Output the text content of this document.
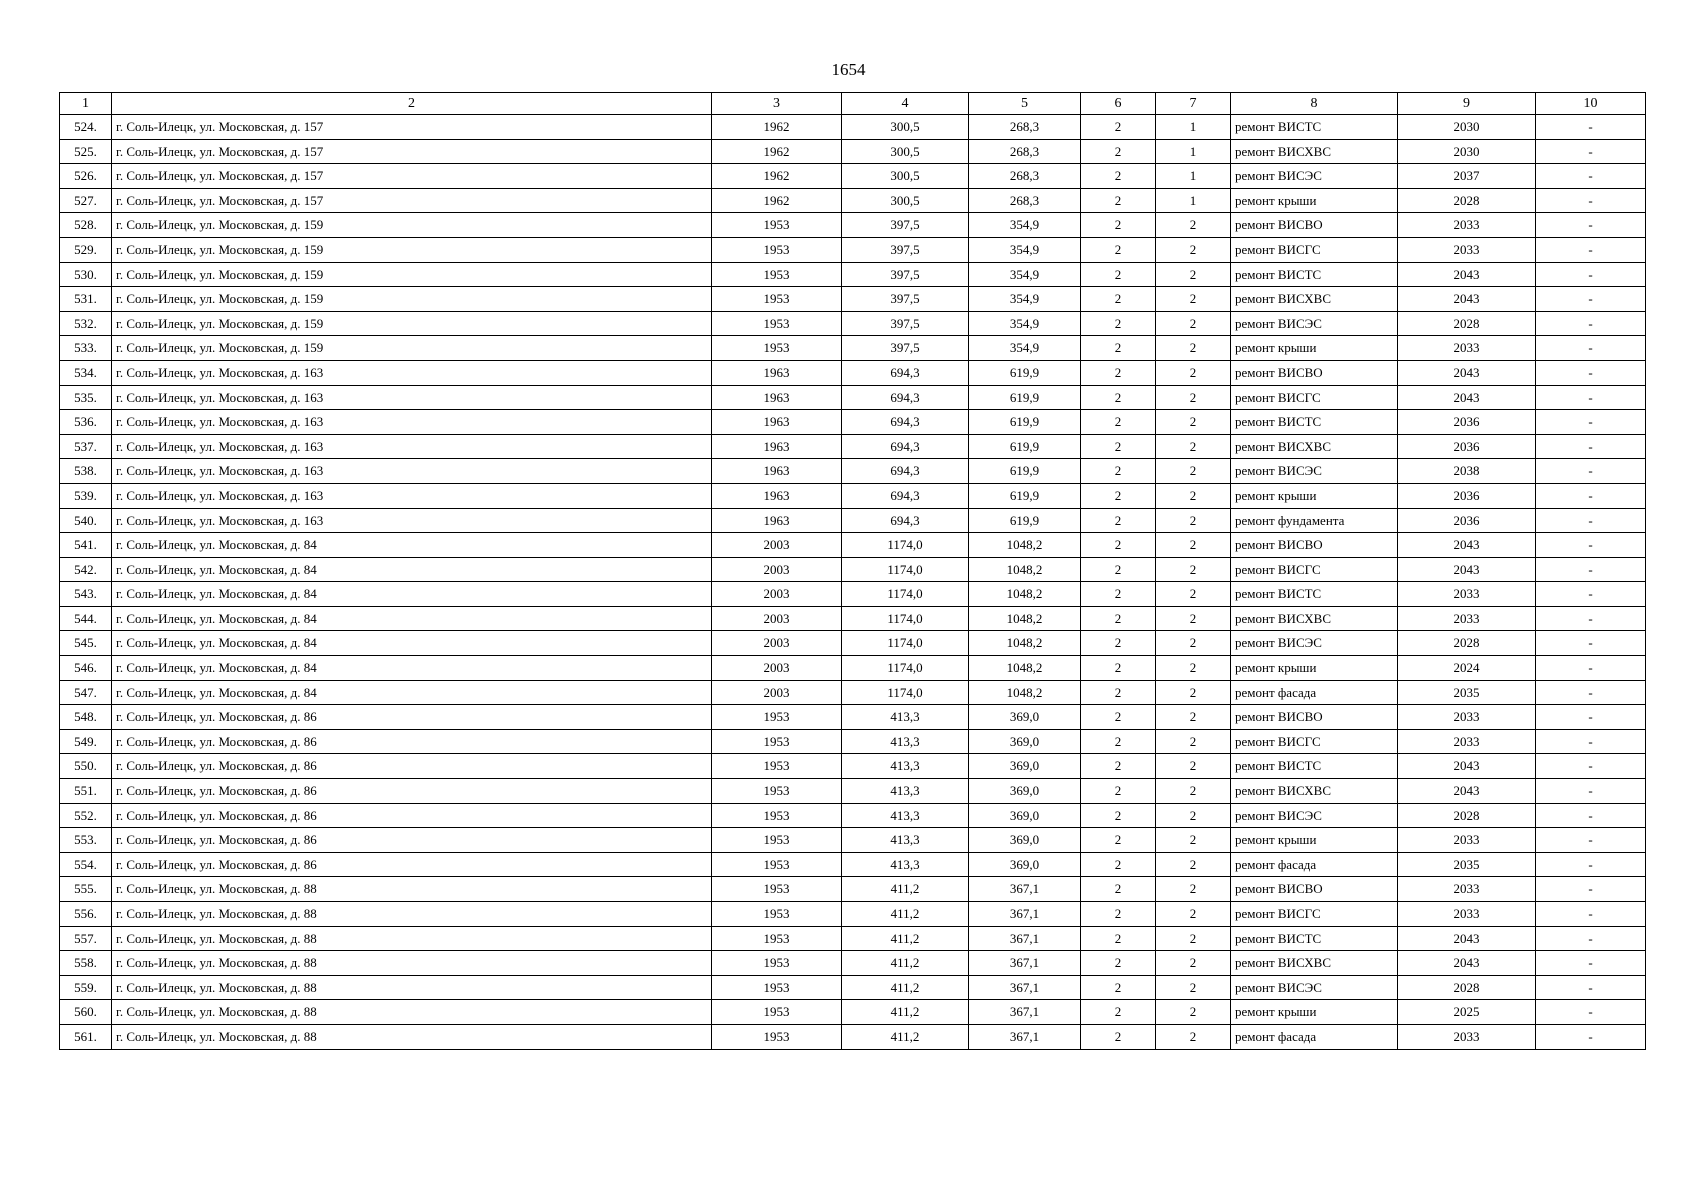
1654
1	2	3	4	5	6	7	8	9	10
524.	г. Соль-Илецк, ул. Московская, д. 157	1962	300,5	268,3	2	1	ремонт ВИСТС	2030	-
525.	г. Соль-Илецк, ул. Московская, д. 157	1962	300,5	268,3	2	1	ремонт ВИСХВС	2030	-
526.	г. Соль-Илецк, ул. Московская, д. 157	1962	300,5	268,3	2	1	ремонт ВИСЭС	2037	-
527.	г. Соль-Илецк, ул. Московская, д. 157	1962	300,5	268,3	2	1	ремонт крыши	2028	-
528.	г. Соль-Илецк, ул. Московская, д. 159	1953	397,5	354,9	2	2	ремонт ВИСВО	2033	-
529.	г. Соль-Илецк, ул. Московская, д. 159	1953	397,5	354,9	2	2	ремонт ВИСГС	2033	-
530.	г. Соль-Илецк, ул. Московская, д. 159	1953	397,5	354,9	2	2	ремонт ВИСТС	2043	-
531.	г. Соль-Илецк, ул. Московская, д. 159	1953	397,5	354,9	2	2	ремонт ВИСХВС	2043	-
532.	г. Соль-Илецк, ул. Московская, д. 159	1953	397,5	354,9	2	2	ремонт ВИСЭС	2028	-
533.	г. Соль-Илецк, ул. Московская, д. 159	1953	397,5	354,9	2	2	ремонт крыши	2033	-
534.	г. Соль-Илецк, ул. Московская, д. 163	1963	694,3	619,9	2	2	ремонт ВИСВО	2043	-
535.	г. Соль-Илецк, ул. Московская, д. 163	1963	694,3	619,9	2	2	ремонт ВИСГС	2043	-
536.	г. Соль-Илецк, ул. Московская, д. 163	1963	694,3	619,9	2	2	ремонт ВИСТС	2036	-
537.	г. Соль-Илецк, ул. Московская, д. 163	1963	694,3	619,9	2	2	ремонт ВИСХВС	2036	-
538.	г. Соль-Илецк, ул. Московская, д. 163	1963	694,3	619,9	2	2	ремонт ВИСЭС	2038	-
539.	г. Соль-Илецк, ул. Московская, д. 163	1963	694,3	619,9	2	2	ремонт крыши	2036	-
540.	г. Соль-Илецк, ул. Московская, д. 163	1963	694,3	619,9	2	2	ремонт фундамента	2036	-
541.	г. Соль-Илецк, ул. Московская, д. 84	2003	1174,0	1048,2	2	2	ремонт ВИСВО	2043	-
542.	г. Соль-Илецк, ул. Московская, д. 84	2003	1174,0	1048,2	2	2	ремонт ВИСГС	2043	-
543.	г. Соль-Илецк, ул. Московская, д. 84	2003	1174,0	1048,2	2	2	ремонт ВИСТС	2033	-
544.	г. Соль-Илецк, ул. Московская, д. 84	2003	1174,0	1048,2	2	2	ремонт ВИСХВС	2033	-
545.	г. Соль-Илецк, ул. Московская, д. 84	2003	1174,0	1048,2	2	2	ремонт ВИСЭС	2028	-
546.	г. Соль-Илецк, ул. Московская, д. 84	2003	1174,0	1048,2	2	2	ремонт крыши	2024	-
547.	г. Соль-Илецк, ул. Московская, д. 84	2003	1174,0	1048,2	2	2	ремонт фасада	2035	-
548.	г. Соль-Илецк, ул. Московская, д. 86	1953	413,3	369,0	2	2	ремонт ВИСВО	2033	-
549.	г. Соль-Илецк, ул. Московская, д. 86	1953	413,3	369,0	2	2	ремонт ВИСГС	2033	-
550.	г. Соль-Илецк, ул. Московская, д. 86	1953	413,3	369,0	2	2	ремонт ВИСТС	2043	-
551.	г. Соль-Илецк, ул. Московская, д. 86	1953	413,3	369,0	2	2	ремонт ВИСХВС	2043	-
552.	г. Соль-Илецк, ул. Московская, д. 86	1953	413,3	369,0	2	2	ремонт ВИСЭС	2028	-
553.	г. Соль-Илецк, ул. Московская, д. 86	1953	413,3	369,0	2	2	ремонт крыши	2033	-
554.	г. Соль-Илецк, ул. Московская, д. 86	1953	413,3	369,0	2	2	ремонт фасада	2035	-
555.	г. Соль-Илецк, ул. Московская, д. 88	1953	411,2	367,1	2	2	ремонт ВИСВО	2033	-
556.	г. Соль-Илецк, ул. Московская, д. 88	1953	411,2	367,1	2	2	ремонт ВИСГС	2033	-
557.	г. Соль-Илецк, ул. Московская, д. 88	1953	411,2	367,1	2	2	ремонт ВИСТС	2043	-
558.	г. Соль-Илецк, ул. Московская, д. 88	1953	411,2	367,1	2	2	ремонт ВИСХВС	2043	-
559.	г. Соль-Илецк, ул. Московская, д. 88	1953	411,2	367,1	2	2	ремонт ВИСЭС	2028	-
560.	г. Соль-Илецк, ул. Московская, д. 88	1953	411,2	367,1	2	2	ремонт крыши	2025	-
561.	г. Соль-Илецк, ул. Московская, д. 88	1953	411,2	367,1	2	2	ремонт фасада	2033	-
